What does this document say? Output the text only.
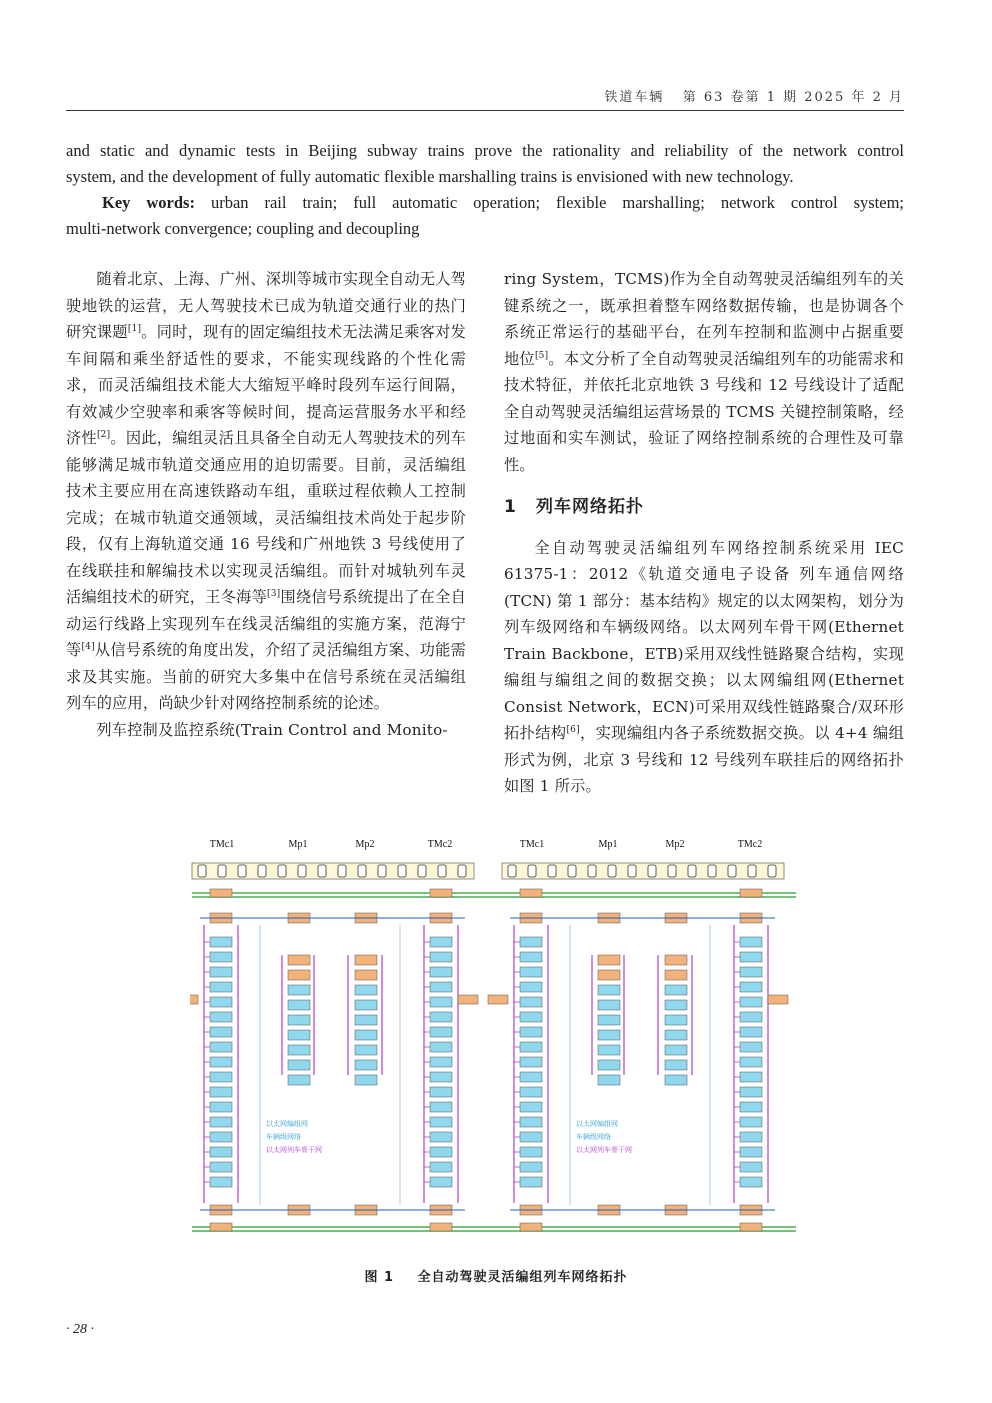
铁道车辆 第 63 卷第 1 期 2025 年 2 月
and static and dynamic tests in Beijing subway trains prove the rationality and reliability of the network control
system, and the development of fully automatic flexible marshalling trains is envisioned with new technology.
Key words: urban rail train; full automatic operation; flexible marshalling; network control system;
multi-network convergence; coupling and decoupling

随着北京、上海、广州、深圳等城市实现全自动无人驾驶地铁的运营，无人驾驶技术已成为轨道交通行业的热门研究课题[1]。同时，现有的固定编组技术无法满足乘客对发车间隔和乘坐舒适性的要求，不能实现线路的个性化需求，而灵活编组技术能大大缩短平峰时段列车运行间隔，有效减少空驶率和乘客等候时间，提高运营服务水平和经济性[2]。因此，编组灵活且具备全自动无人驾驶技术的列车能够满足城市轨道交通应用的迫切需要。目前，灵活编组技术主要应用在高速铁路动车组，重联过程依赖人工控制完成；在城市轨道交通领域，灵活编组技术尚处于起步阶段，仅有上海轨道交通 16 号线和广州地铁 3 号线使用了在线联挂和解编技术以实现灵活编组。而针对城轨列车灵活编组技术的研究，王冬海等[3]围绕信号系统提出了在全自动运行线路上实现列车在线灵活编组的实施方案，范海宁等[4]从信号系统的角度出发，介绍了灵活编组方案、功能需求及其实施。当前的研究大多集中在信号系统在灵活编组列车的应用，尚缺少针对网络控制系统的论述。

列车控制及监控系统(Train Control and Monito-

ring System，TCMS)作为全自动驾驶灵活编组列车的关键系统之一，既承担着整车网络数据传输，也是协调各个系统正常运行的基础平台，在列车控制和监测中占据重要地位[5]。本文分析了全自动驾驶灵活编组列车的功能需求和技术特征，并依托北京地铁 3 号线和 12 号线设计了适配全自动驾驶灵活编组运营场景的 TCMS 关键控制策略，经过地面和实车测试，验证了网络控制系统的合理性及可靠性。

1 列车网络拓扑

全自动驾驶灵活编组列车网络控制系统采用 IEC 61375-1：2012《轨道交通电子设备 列车通信网络(TCN) 第 1 部分：基本结构》规定的以太网架构，划分为列车级网络和车辆级网络。以太网列车骨干网(Ethernet Train Backbone，ETB)采用双线性链路聚合结构，实现编组与编组之间的数据交换；以太网编组网(Ethernet Consist Network，ECN)可采用双线性链路聚合/双环形拓扑结构[6]，实现编组内各子系统数据交换。以 4+4 编组形式为例，北京 3 号线和 12 号线列车联挂后的网络拓扑如图 1 所示。

TMc1	Mp1	Mp2	TMc2	TMc1	Mp1	Mp2	TMc2
以太网编组网
车辆级网络
以太网列车骨干网
以太网编组网
车辆级网络
以太网列车骨干网
图 1 全自动驾驶灵活编组列车网络拓扑
· 28 ·
